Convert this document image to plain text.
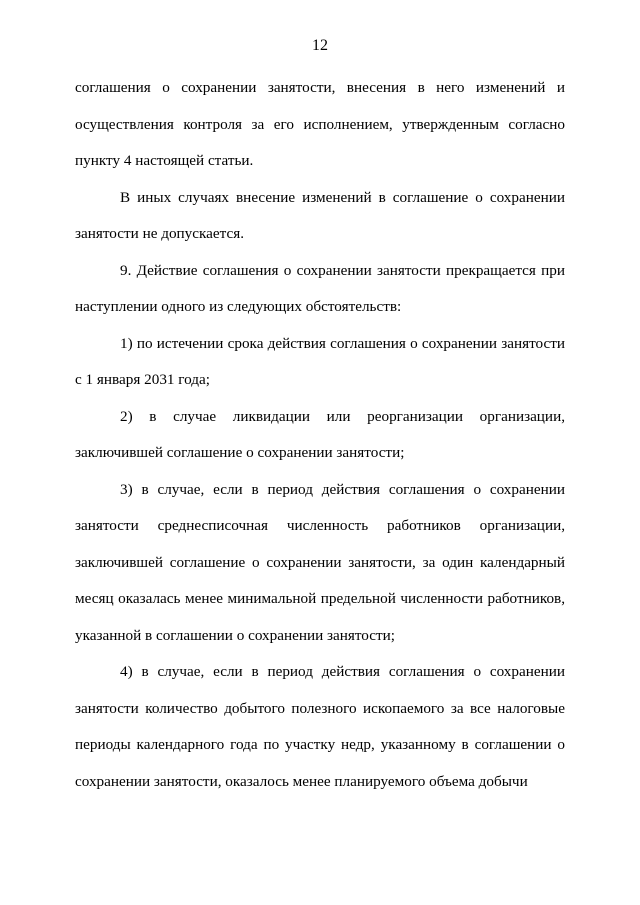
12

соглашения о сохранении занятости, внесения в него изменений и осуществления контроля за его исполнением, утвержденным согласно пункту 4 настоящей статьи.

В иных случаях внесение изменений в соглашение о сохранении занятости не допускается.

9. Действие соглашения о сохранении занятости прекращается при наступлении одного из следующих обстоятельств:

1) по истечении срока действия соглашения о сохранении занятости с 1 января 2031 года;

2) в случае ликвидации или реорганизации организации, заключившей соглашение о сохранении занятости;

3) в случае, если в период действия соглашения о сохранении занятости среднесписочная численность работников организации, заключившей соглашение о сохранении занятости, за один календарный месяц оказалась менее минимальной предельной численности работников, указанной в соглашении о сохранении занятости;

4) в случае, если в период действия соглашения о сохранении занятости количество добытого полезного ископаемого за все налоговые периоды календарного года по участку недр, указанному в соглашении о сохранении занятости, оказалось менее планируемого объема добычи
